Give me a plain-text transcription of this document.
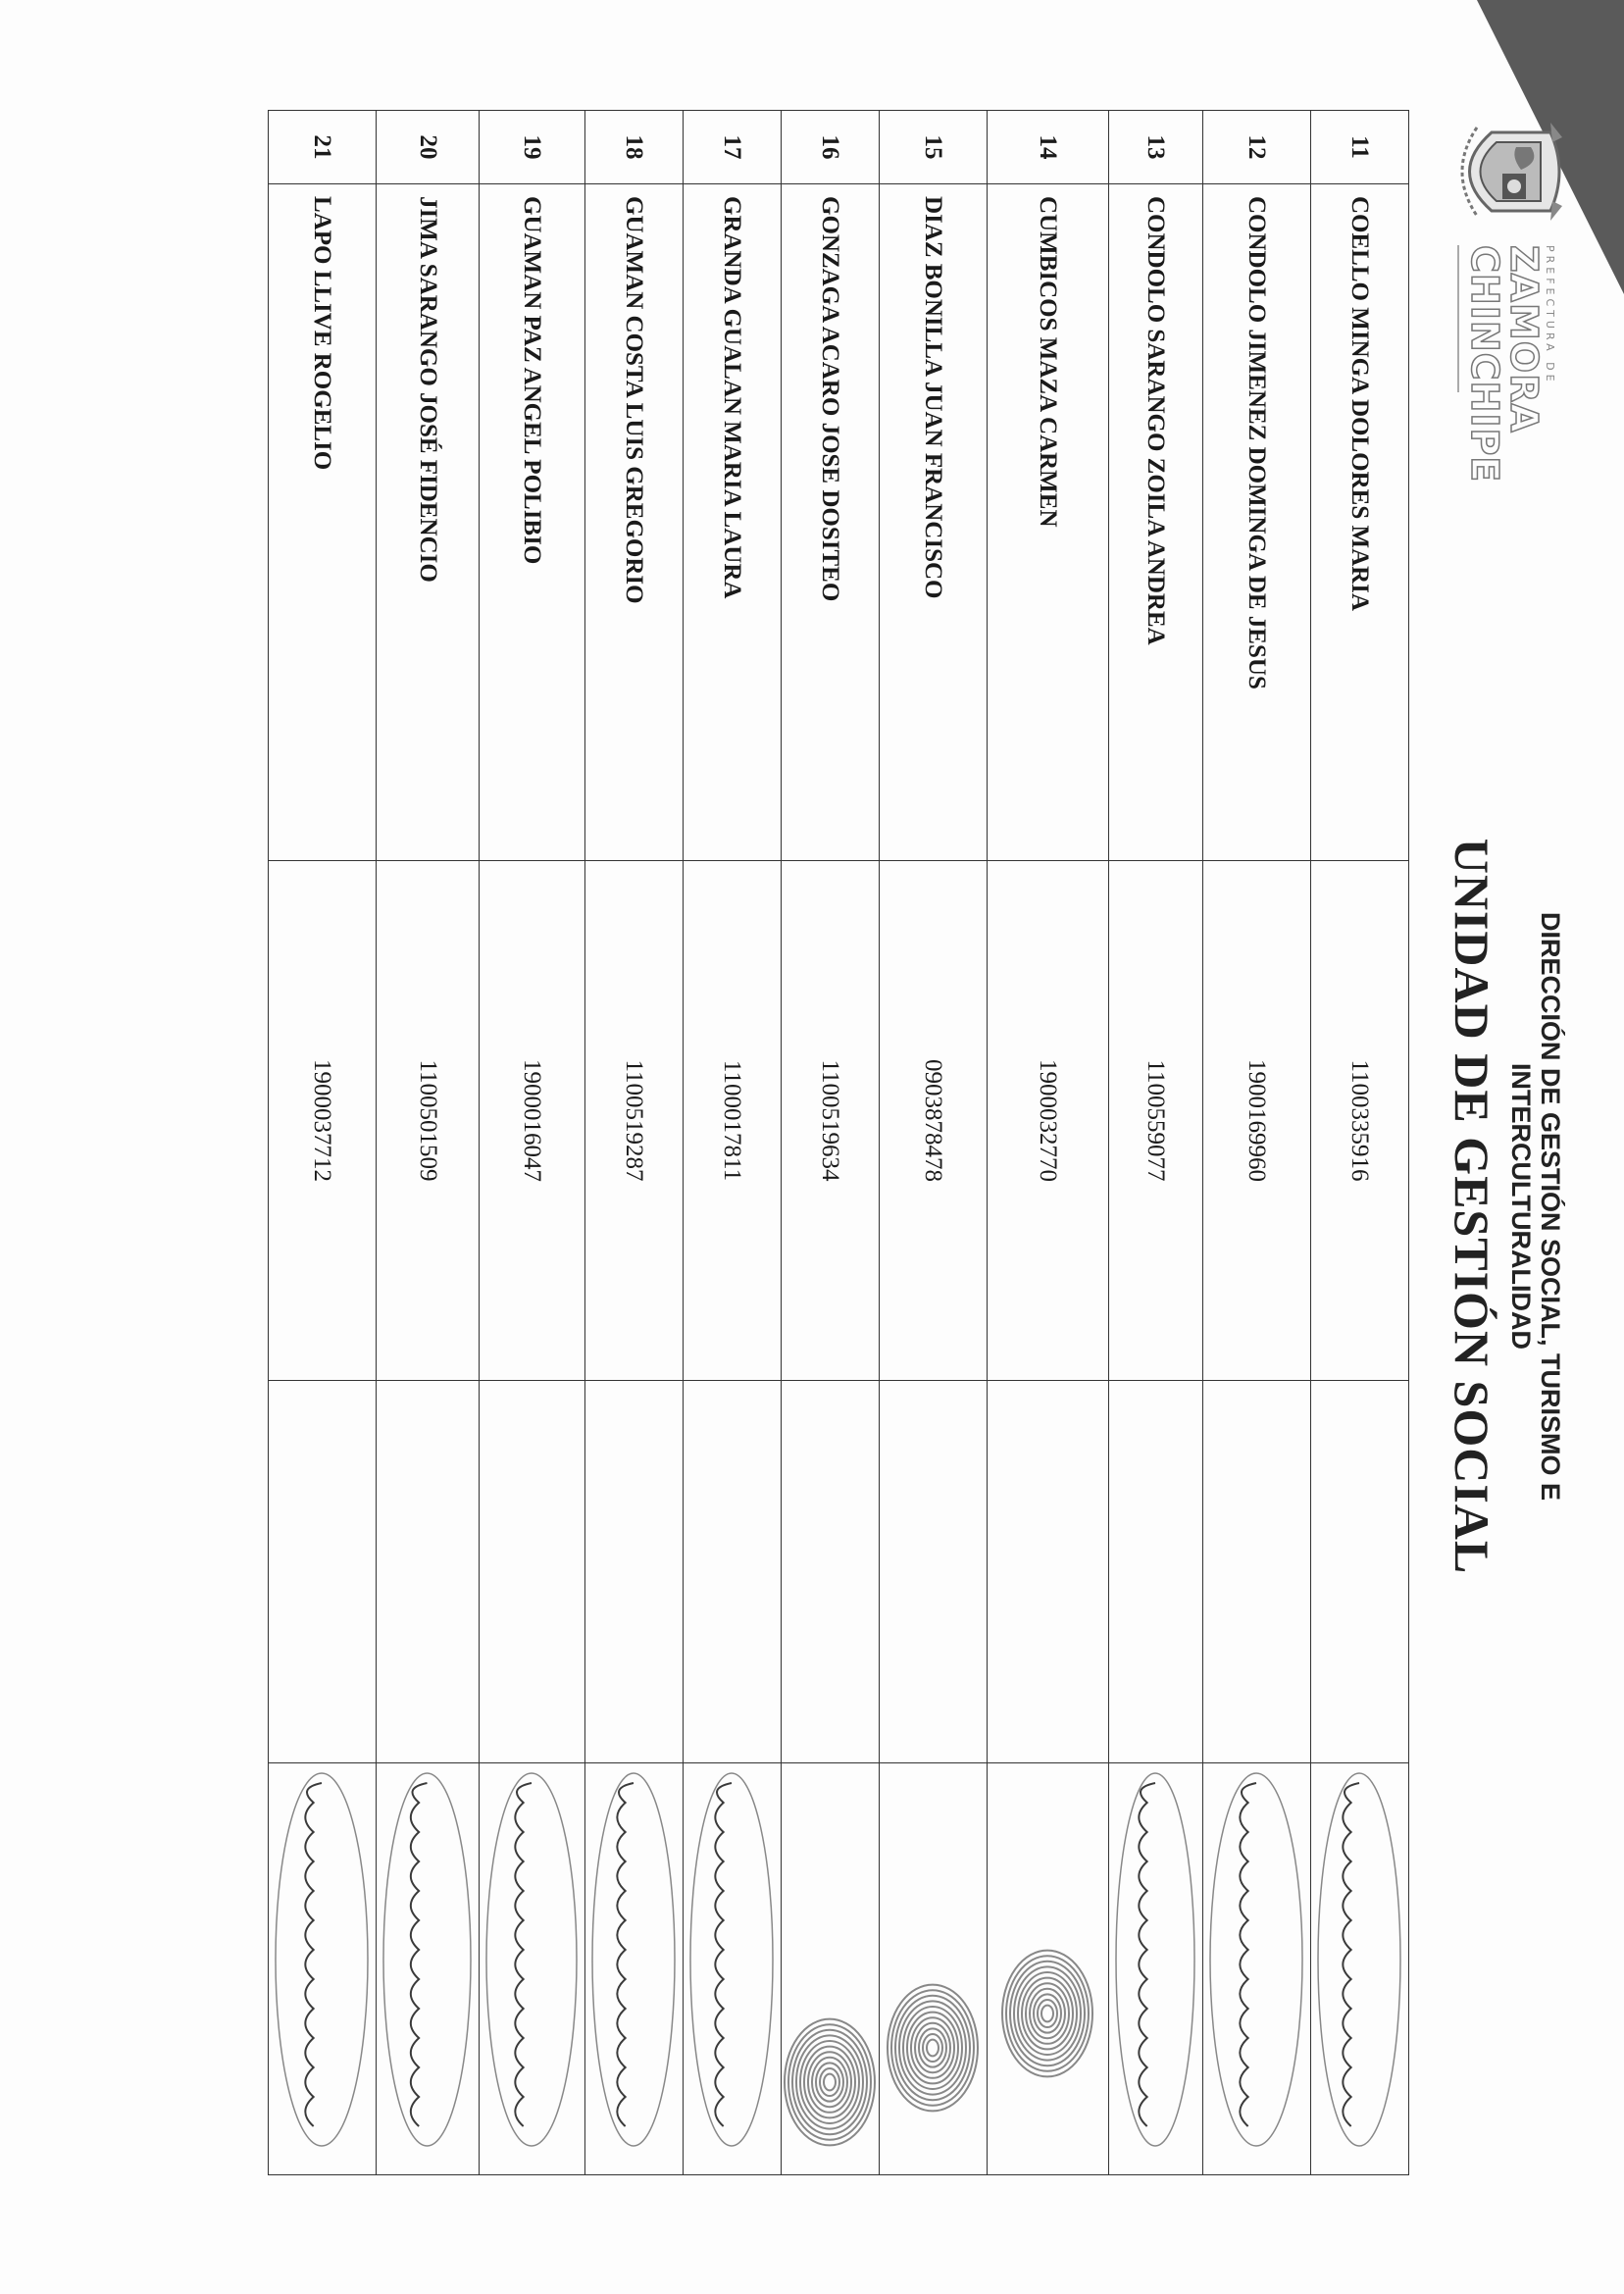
DIRECCIÓN DE GESTIÓN SOCIAL, TURISMO E
INTERCULTURALIDAD
UNIDAD DE GESTIÓN SOCIAL
PREFECTURA DE
ZAMORA
CHINCHIPE
11	COELLO MINGA DOLORES MARIA	1100335916		

12	CONDOLO JIMENEZ DOMINGA DE JESUS	1900169960		

13	CONDOLO SARANGO ZOILA ANDREA	1100559077		

14	CUMBICOS MAZA CARMEN	1900032770		

15	DIAZ BONILLA JUAN FRANCISCO	0903878478		

16	GONZAGA ACARO JOSE DOSITEO	1100519634		

17	GRANDA GUALAN MARIA LAURA	1100017811		

18	GUAMAN COSTA LUIS GREGORIO	1100519287		

19	GUAMAN PAZ ANGEL POLIBIO	1900016047		

20	JIMA SARANGO JOSÉ FIDENCIO	1100501509		

21	LAPO LLIVE ROGELIO	1900037712		
